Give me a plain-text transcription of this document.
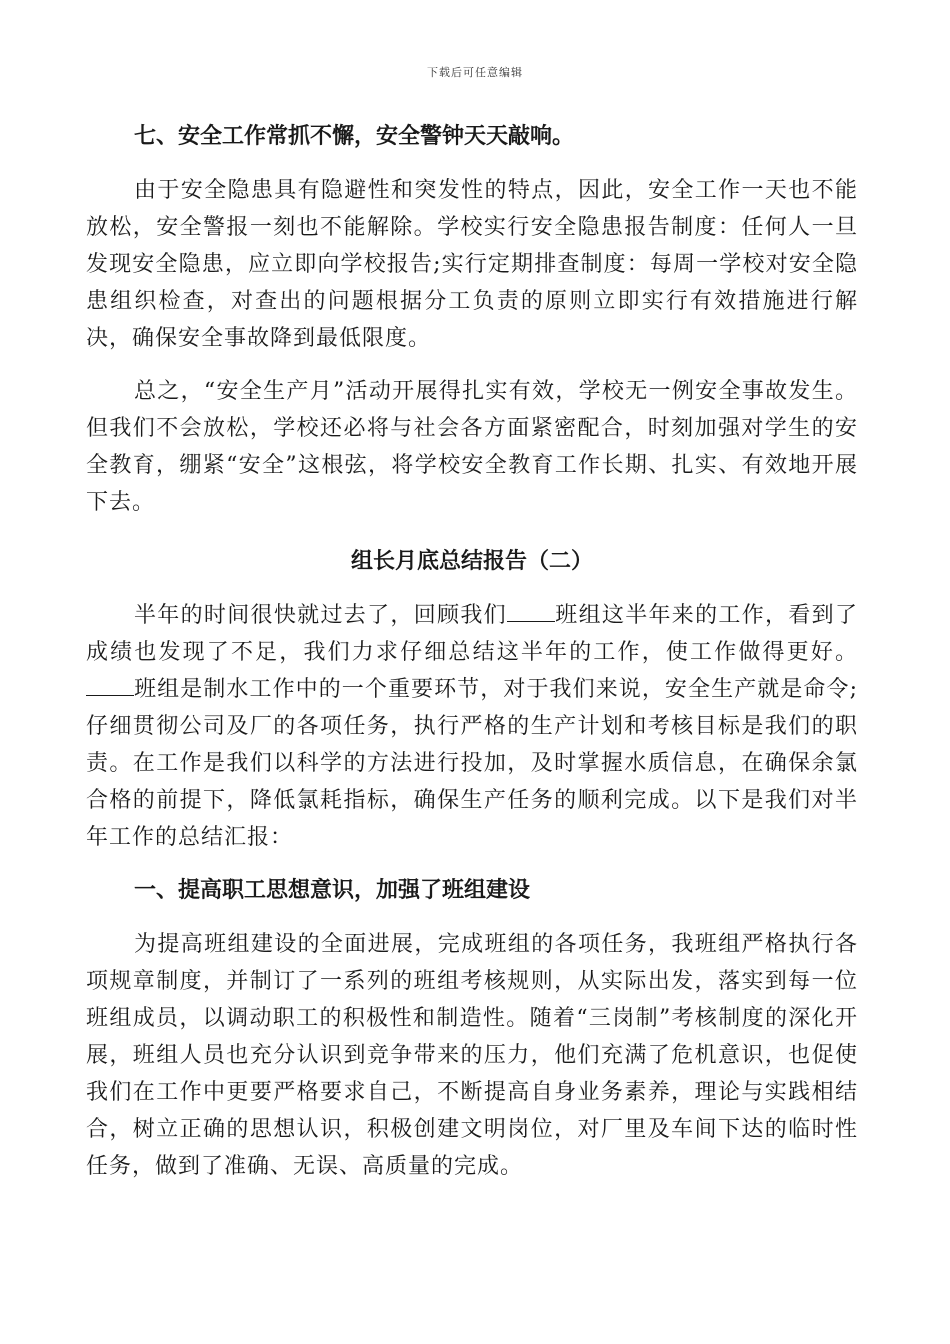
下载后可任意编辑
七、安全工作常抓不懈，安全警钟天天敲响。

由于安全隐患具有隐避性和突发性的特点，因此，安全工作一天也不能放松，安全警报一刻也不能解除。学校实行安全隐患报告制度：任何人一旦发现安全隐患，应立即向学校报告;实行定期排查制度：每周一学校对安全隐患组织检查，对查出的问题根据分工负责的原则立即实行有效措施进行解决，确保安全事故降到最低限度。

总之，“安全生产月”活动开展得扎实有效，学校无一例安全事故发生。但我们不会放松，学校还必将与社会各方面紧密配合，时刻加强对学生的安全教育，绷紧“安全”这根弦，将学校安全教育工作长期、扎实、有效地开展下去。

组长月底总结报告（二）

半年的时间很快就过去了，回顾我们 班组这半年来的工作，看到了成绩也发现了不足，我们力求仔细总结这半年的工作，使工作做得更好。班组是制水工作中的一个重要环节，对于我们来说，安全生产就是命令;仔细贯彻公司及厂的各项任务，执行严格的生产计划和考核目标是我们的职责。在工作是我们以科学的方法进行投加，及时掌握水质信息，在确保余氯合格的前提下，降低氯耗指标，确保生产任务的顺利完成。以下是我们对半年工作的总结汇报：

一、提高职工思想意识，加强了班组建设

为提高班组建设的全面进展，完成班组的各项任务，我班组严格执行各项规章制度，并制订了一系列的班组考核规则，从实际出发，落实到每一位班组成员，以调动职工的积极性和制造性。随着“三岗制”考核制度的深化开展，班组人员也充分认识到竞争带来的压力，他们充满了危机意识，也促使我们在工作中更要严格要求自己，不断提高自身业务素养，理论与实践相结合，树立正确的思想认识，积极创建文明岗位，对厂里及车间下达的临时性任务，做到了准确、无误、高质量的完成。
